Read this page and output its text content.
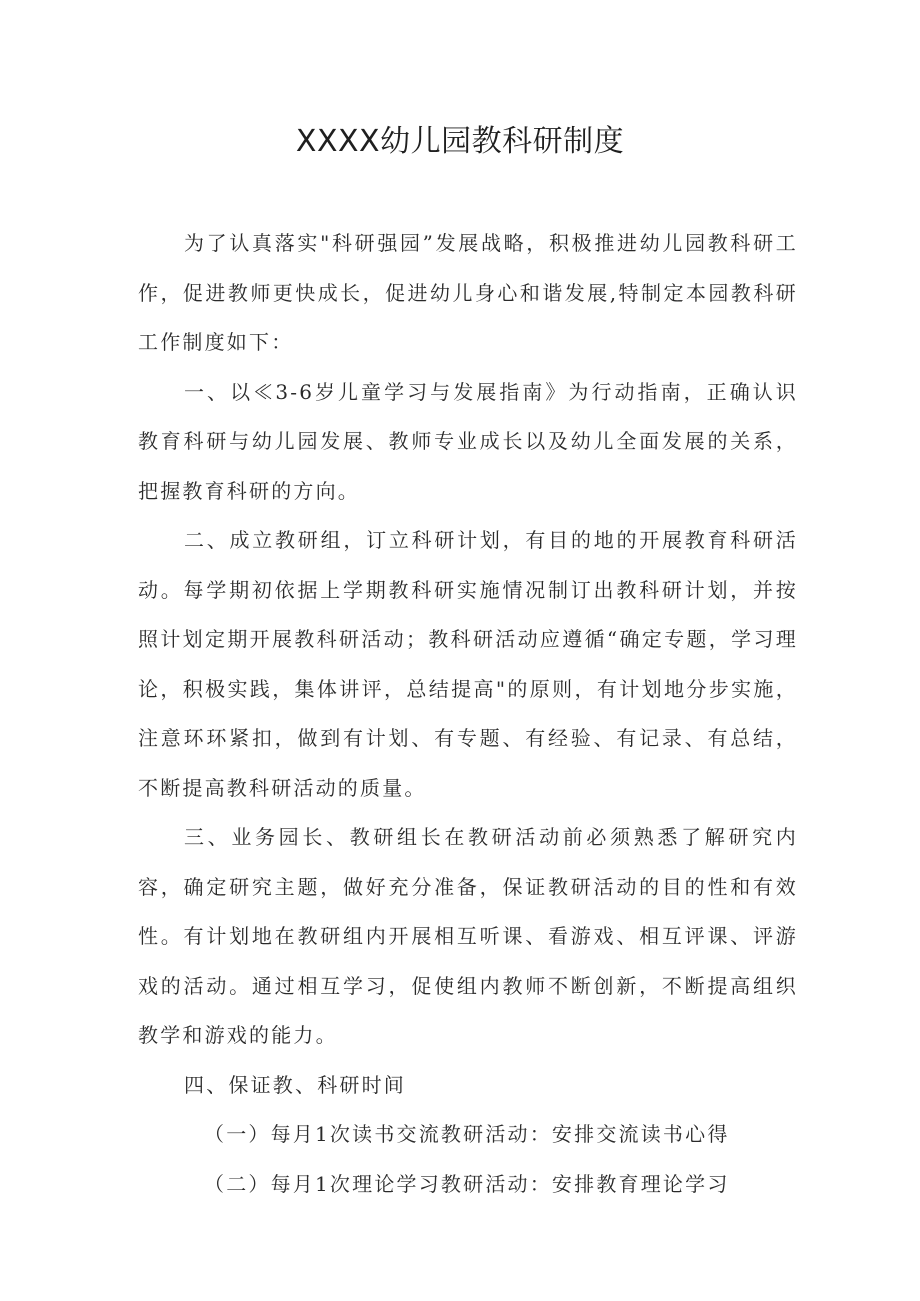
XXXX幼儿园教科研制度

为了认真落实"科研强园”发展战略，积极推进幼儿园教科研工作，促进教师更快成长，促进幼儿身心和谐发展,特制定本园教科研工作制度如下：

一、以≪3-6岁儿童学习与发展指南》为行动指南，正确认识教育科研与幼儿园发展、教师专业成长以及幼儿全面发展的关系，把握教育科研的方向。

二、成立教研组，订立科研计划，有目的地的开展教育科研活动。每学期初依据上学期教科研实施情况制订出教科研计划，并按照计划定期开展教科研活动；教科研活动应遵循“确定专题，学习理论，积极实践，集体讲评，总结提高"的原则，有计划地分步实施，注意环环紧扣，做到有计划、有专题、有经验、有记录、有总结，不断提高教科研活动的质量。

三、业务园长、教研组长在教研活动前必须熟悉了解研究内容，确定研究主题，做好充分准备，保证教研活动的目的性和有效性。有计划地在教研组内开展相互听课、看游戏、相互评课、评游戏的活动。通过相互学习，促使组内教师不断创新，不断提高组织教学和游戏的能力。

四、保证教、科研时间

（一）每月1次读书交流教研活动：安排交流读书心得

（二）每月1次理论学习教研活动：安排教育理论学习
